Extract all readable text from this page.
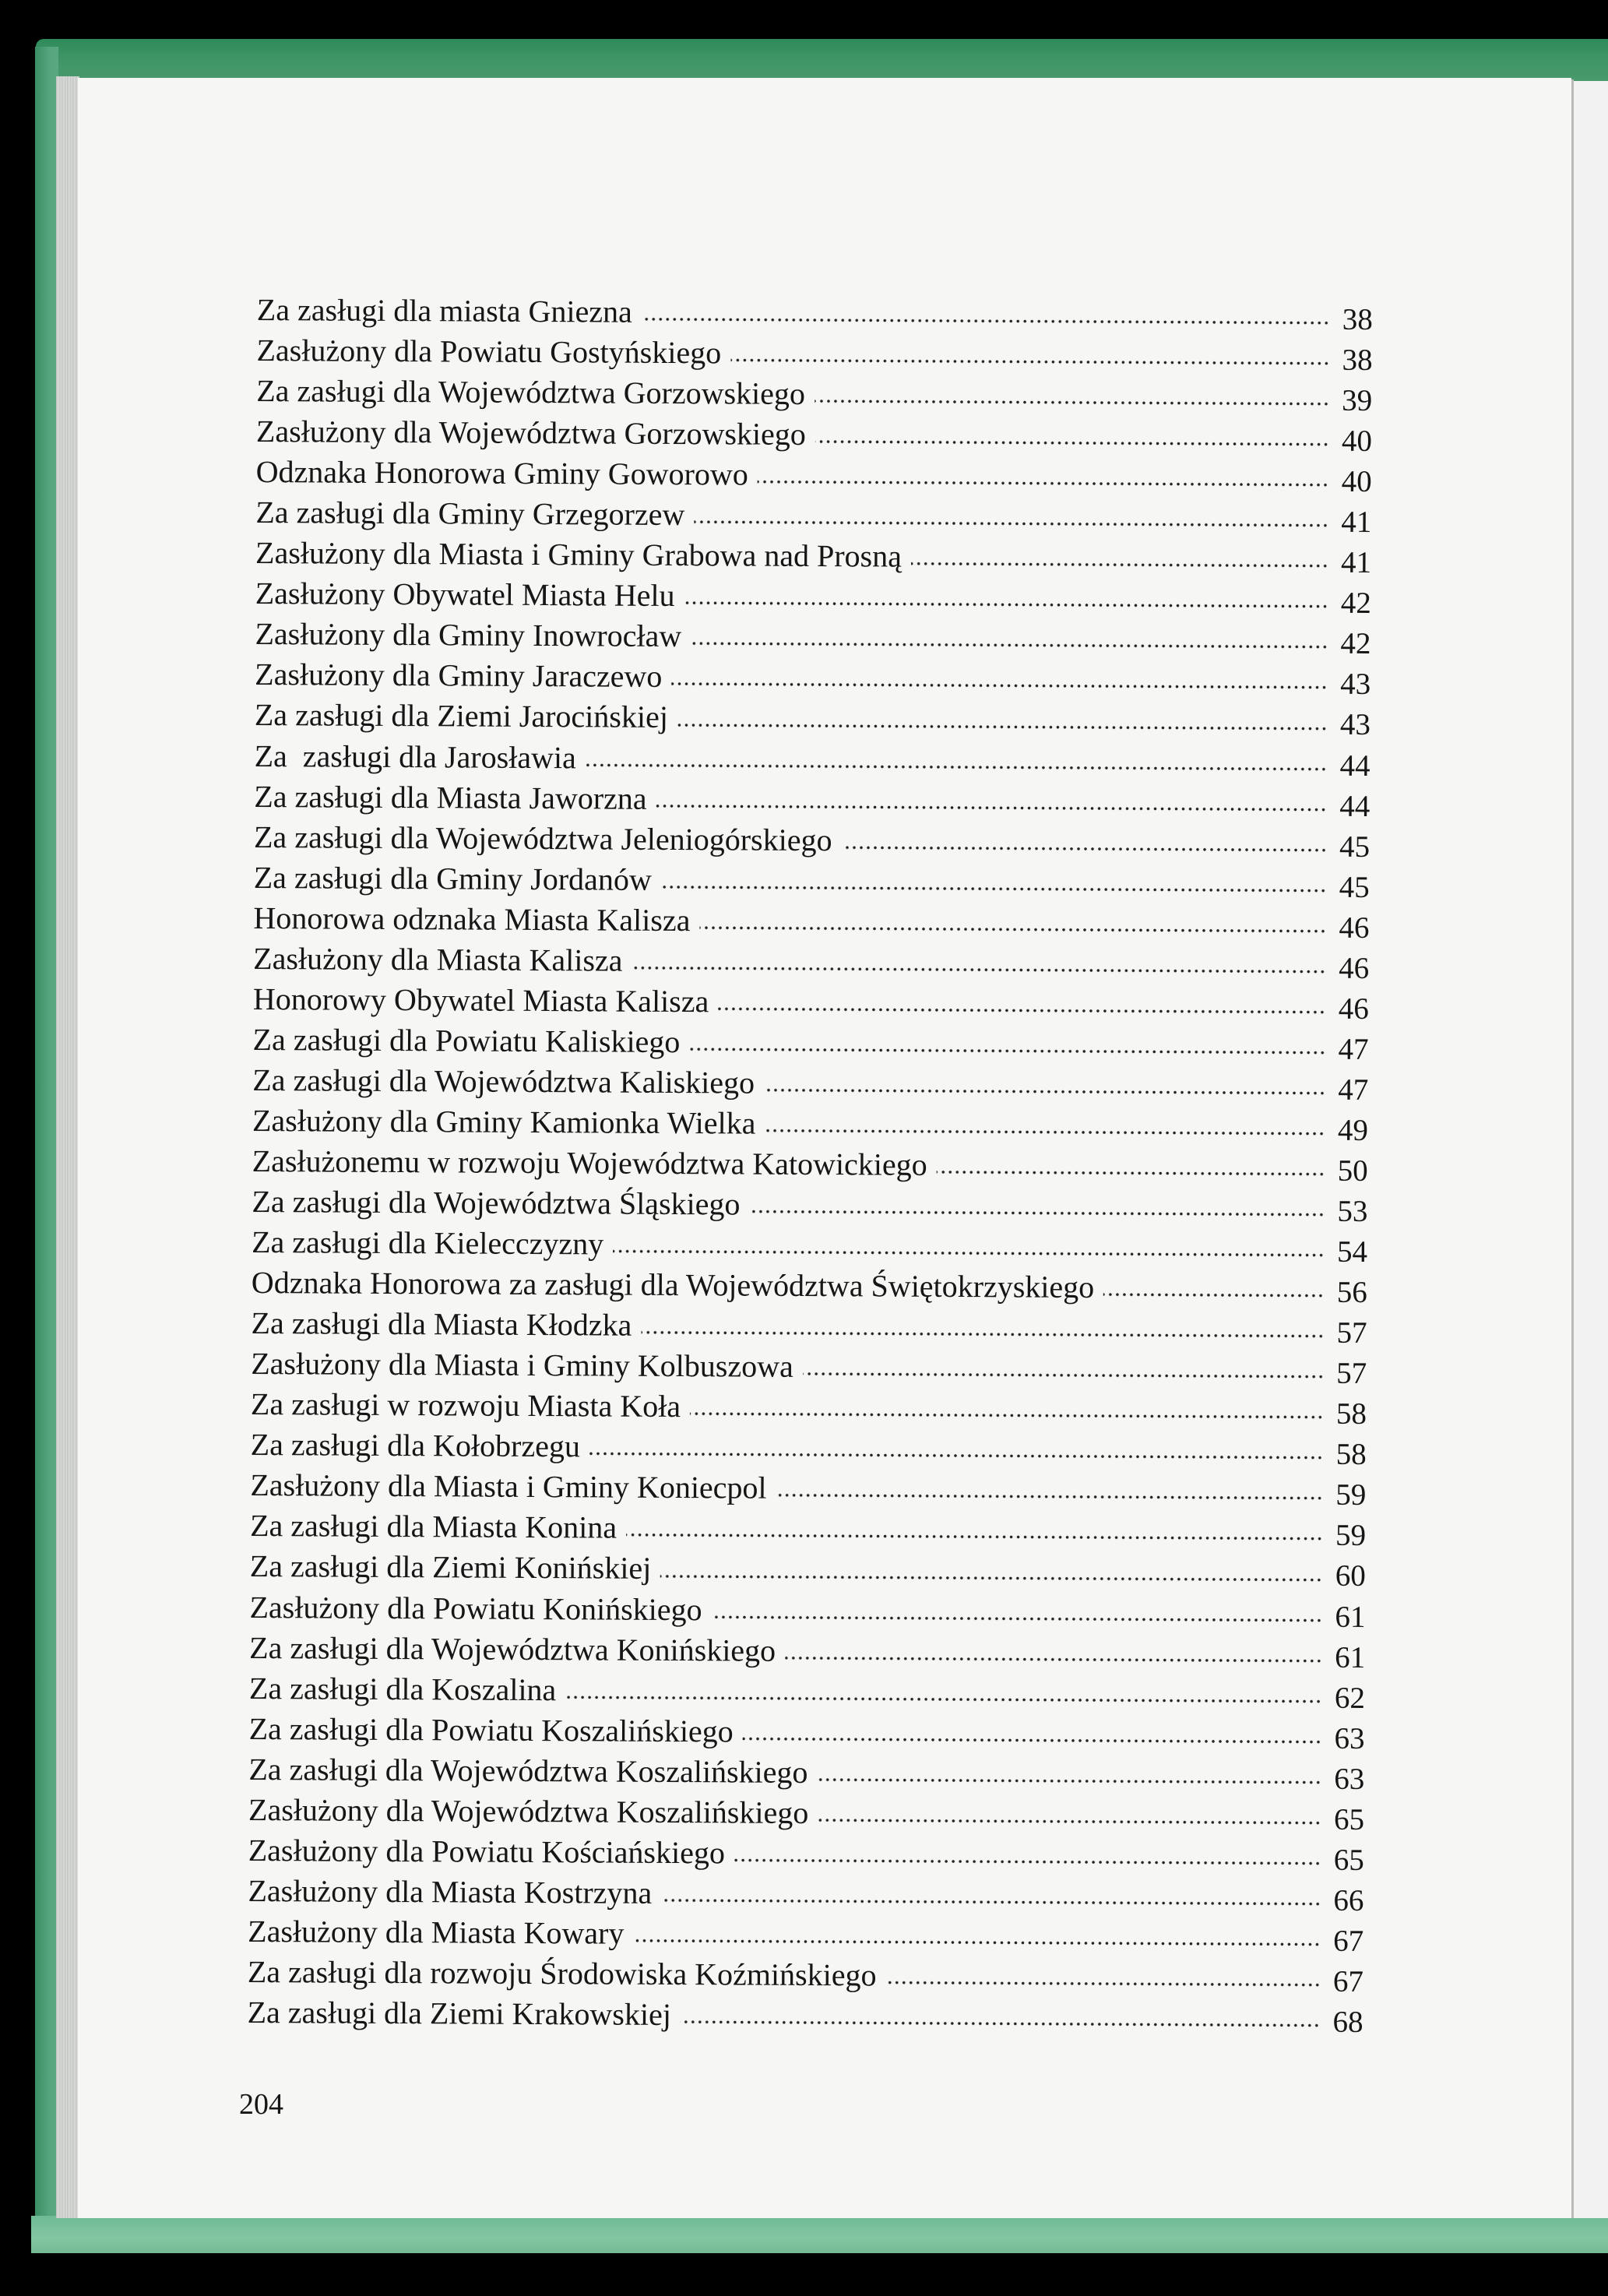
Za zasługi dla miasta Gniezna	38
Zasłużony dla Powiatu Gostyńskiego	38
Za zasługi dla Województwa Gorzowskiego	39
Zasłużony dla Województwa Gorzowskiego	40
Odznaka Honorowa Gminy Goworowo	40
Za zasługi dla Gminy Grzegorzew	41
Zasłużony dla Miasta i Gminy Grabowa nad Prosną	41
Zasłużony Obywatel Miasta Helu	42
Zasłużony dla Gminy Inowrocław	42
Zasłużony dla Gminy Jaraczewo	43
Za zasługi dla Ziemi Jarocińskiej	43
Za  zasługi dla Jarosławia	44
Za zasługi dla Miasta Jaworzna	44
Za zasługi dla Województwa Jeleniogórskiego	45
Za zasługi dla Gminy Jordanów	45
Honorowa odznaka Miasta Kalisza	46
Zasłużony dla Miasta Kalisza	46
Honorowy Obywatel Miasta Kalisza	46
Za zasługi dla Powiatu Kaliskiego	47
Za zasługi dla Województwa Kaliskiego	47
Zasłużony dla Gminy Kamionka Wielka	49
Zasłużonemu w rozwoju Województwa Katowickiego	50
Za zasługi dla Województwa Śląskiego	53
Za zasługi dla Kielecczyzny	54
Odznaka Honorowa za zasługi dla Województwa Świętokrzyskiego	56
Za zasługi dla Miasta Kłodzka	57
Zasłużony dla Miasta i Gminy Kolbuszowa	57
Za zasługi w rozwoju Miasta Koła	58
Za zasługi dla Kołobrzegu	58
Zasłużony dla Miasta i Gminy Koniecpol	59
Za zasługi dla Miasta Konina	59
Za zasługi dla Ziemi Konińskiej	60
Zasłużony dla Powiatu Konińskiego	61
Za zasługi dla Województwa Konińskiego	61
Za zasługi dla Koszalina	62
Za zasługi dla Powiatu Koszalińskiego	63
Za zasługi dla Województwa Koszalińskiego	63
Zasłużony dla Województwa Koszalińskiego	65
Zasłużony dla Powiatu Kościańskiego	65
Zasłużony dla Miasta Kostrzyna	66
Zasłużony dla Miasta Kowary	67
Za zasługi dla rozwoju Środowiska Koźmińskiego	67
Za zasługi dla Ziemi Krakowskiej	68
204
